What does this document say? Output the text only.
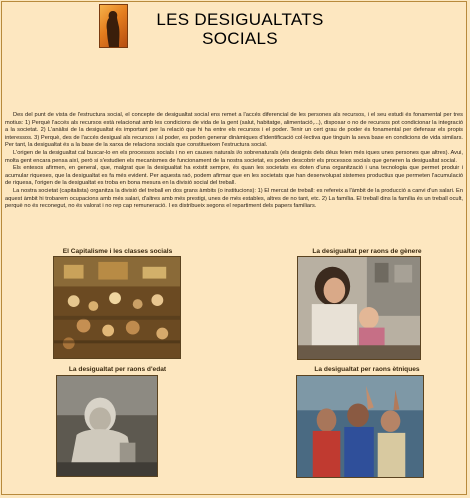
LES DESIGUALTATS
SOCIALS

Des del punt de vista de l'estructura social, el concepte de desigualtat social ens remet a l'accés diferencial de les persones als recursos, i el seu estudi és fonamental per tres motius: 1) Perquè l'accés als recursos està relacionat amb les condicions de vida de la gent (salut, habitatge, alimentació,...), disposar o no de recursos pot condicionar la integració a la societat. 2) L'anàlisi de la desigualtat és important per la relació que hi ha entre els recursos i el poder. Tenir un cert grau de poder és fonamental per defensar els propis interessos. 3) Perquè, des de l'accés desigual als recursos i al poder, es poden generar dinàmiques d'identificació col·lectiva que tinguin la seva base en condicions de vida similars. Per tant, la desigualtat és a la base de la xarxa de relacions socials que constitueixen l'estructura social.

L'origen de la desigualtat cal buscar-lo en els processos socials i no en causes naturals i/o sobrenaturals (els designis dels déus feien més iques unes persones que altres). Avui, molta gent encara pensa així, però si s'estudien els mecanismes de funcionament de la nostra societat, es poden descobrir els processos socials que generen la desigualtat social.

Els entesos afirmen, en general, que, malgrat que la desigualtat ha existit sempre, és quan les societats es doten d'una organització i una tecnologia que permet produir i acumular riqueses, que la desigualtat es fa més evident. Per aquesta raó, podem afirmar que en les societats que han desenvolupat sistemes productius que permeten l'acumulació de riquesa, l'origen de la desigualtat es troba en bona mesura en la divisió social del treball.

La nostra societat (capitalista) organitza la divisió del treball en dos grans àmbits (o institucions): 1) El mercat de treball: es refereix a l'àmbit de la producció a canvi d'un salari. En aquest àmbit hi trobarem ocupacions amb més salari, d'altres amb més prestigi, unes de més estables, altres de no tant, etc. 2) La família. El treball dins la família és un treball ocult, perquè no és reconegut, no és valorat i no rep cap remuneració. I es distribueix segons el repartiment dels papers familiars.

El Capitalisme i les classes socials	La desigualtat per raons de gènere
La desigualtat per raons d'edat	La desigualtat per raons ètniques
